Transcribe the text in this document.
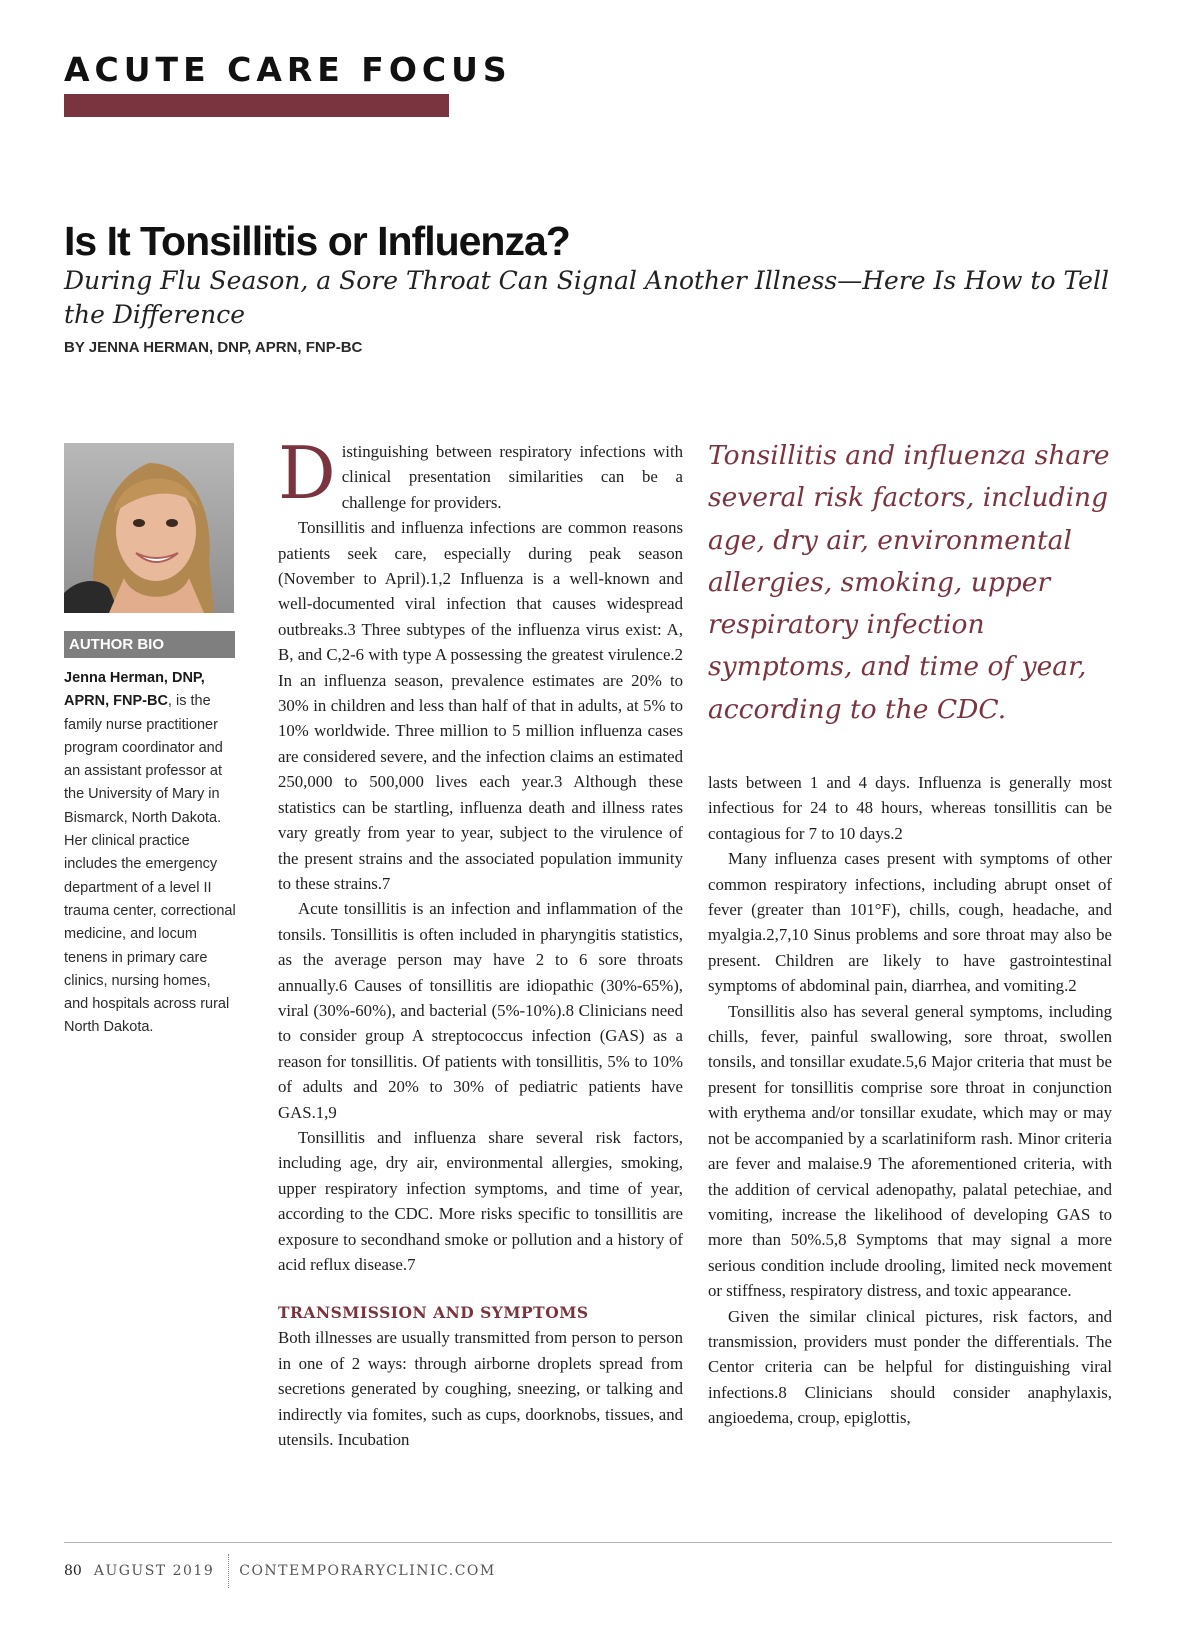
ACUTE CARE FOCUS
Is It Tonsillitis or Influenza?

During Flu Season, a Sore Throat Can Signal Another Illness—Here Is How to Tell the Difference

BY JENNA HERMAN, DNP, APRN, FNP-BC

AUTHOR BIO

Jenna Herman, DNP, APRN, FNP-BC, is the family nurse practitioner program coordinator and an assistant professor at the University of Mary in Bismarck, North Dakota. Her clinical practice includes the emergency department of a level II trauma center, correctional medicine, and locum tenens in primary care clinics, nursing homes, and hospitals across rural North Dakota.

Distinguishing between respiratory infections with clinical presentation similarities can be a challenge for providers.

Tonsillitis and influenza infections are common reasons patients seek care, especially during peak season (November to April).1,2 Influenza is a well-known and well-documented viral infection that causes widespread outbreaks.3 Three subtypes of the influenza virus exist: A, B, and C,2-6 with type A possessing the greatest virulence.2 In an influenza season, prevalence estimates are 20% to 30% in children and less than half of that in adults, at 5% to 10% worldwide. Three million to 5 million influenza cases are considered severe, and the infection claims an estimated 250,000 to 500,000 lives each year.3 Although these statistics can be startling, influenza death and illness rates vary greatly from year to year, subject to the virulence of the present strains and the associated population immunity to these strains.7

Acute tonsillitis is an infection and inflammation of the tonsils. Tonsillitis is often included in pharyngitis statistics, as the average person may have 2 to 6 sore throats annually.6 Causes of tonsillitis are idiopathic (30%-65%), viral (30%-60%), and bacterial (5%-10%).8 Clinicians need to consider group A streptococcus infection (GAS) as a reason for tonsillitis. Of patients with tonsillitis, 5% to 10% of adults and 20% to 30% of pediatric patients have GAS.1,9

Tonsillitis and influenza share several risk factors, including age, dry air, environmental allergies, smoking, upper respiratory infection symptoms, and time of year, according to the CDC. More risks specific to tonsillitis are exposure to secondhand smoke or pollution and a history of acid reflux disease.7

TRANSMISSION AND SYMPTOMS

Both illnesses are usually transmitted from person to person in one of 2 ways: through airborne droplets spread from secretions generated by coughing, sneezing, or talking and indirectly via fomites, such as cups, doorknobs, tissues, and utensils. Incubation

Tonsillitis and influenza share several risk factors, including age, dry air, environmental allergies, smoking, upper respiratory infection symptoms, and time of year, according to the CDC.

lasts between 1 and 4 days. Influenza is generally most infectious for 24 to 48 hours, whereas tonsillitis can be contagious for 7 to 10 days.2

Many influenza cases present with symptoms of other common respiratory infections, including abrupt onset of fever (greater than 101°F), chills, cough, headache, and myalgia.2,7,10 Sinus problems and sore throat may also be present. Children are likely to have gastrointestinal symptoms of abdominal pain, diarrhea, and vomiting.2

Tonsillitis also has several general symptoms, including chills, fever, painful swallowing, sore throat, swollen tonsils, and tonsillar exudate.5,6 Major criteria that must be present for tonsillitis comprise sore throat in conjunction with erythema and/or tonsillar exudate, which may or may not be accompanied by a scarlatiniform rash. Minor criteria are fever and malaise.9 The aforementioned criteria, with the addition of cervical adenopathy, palatal petechiae, and vomiting, increase the likelihood of developing GAS to more than 50%.5,8 Symptoms that may signal a more serious condition include drooling, limited neck movement or stiffness, respiratory distress, and toxic appearance.

Given the similar clinical pictures, risk factors, and transmission, providers must ponder the differentials. The Centor criteria can be helpful for distinguishing viral infections.8 Clinicians should consider anaphylaxis, angioedema, croup, epiglottis,

80 AUGUST 2019 CONTEMPORARYCLINIC.COM
